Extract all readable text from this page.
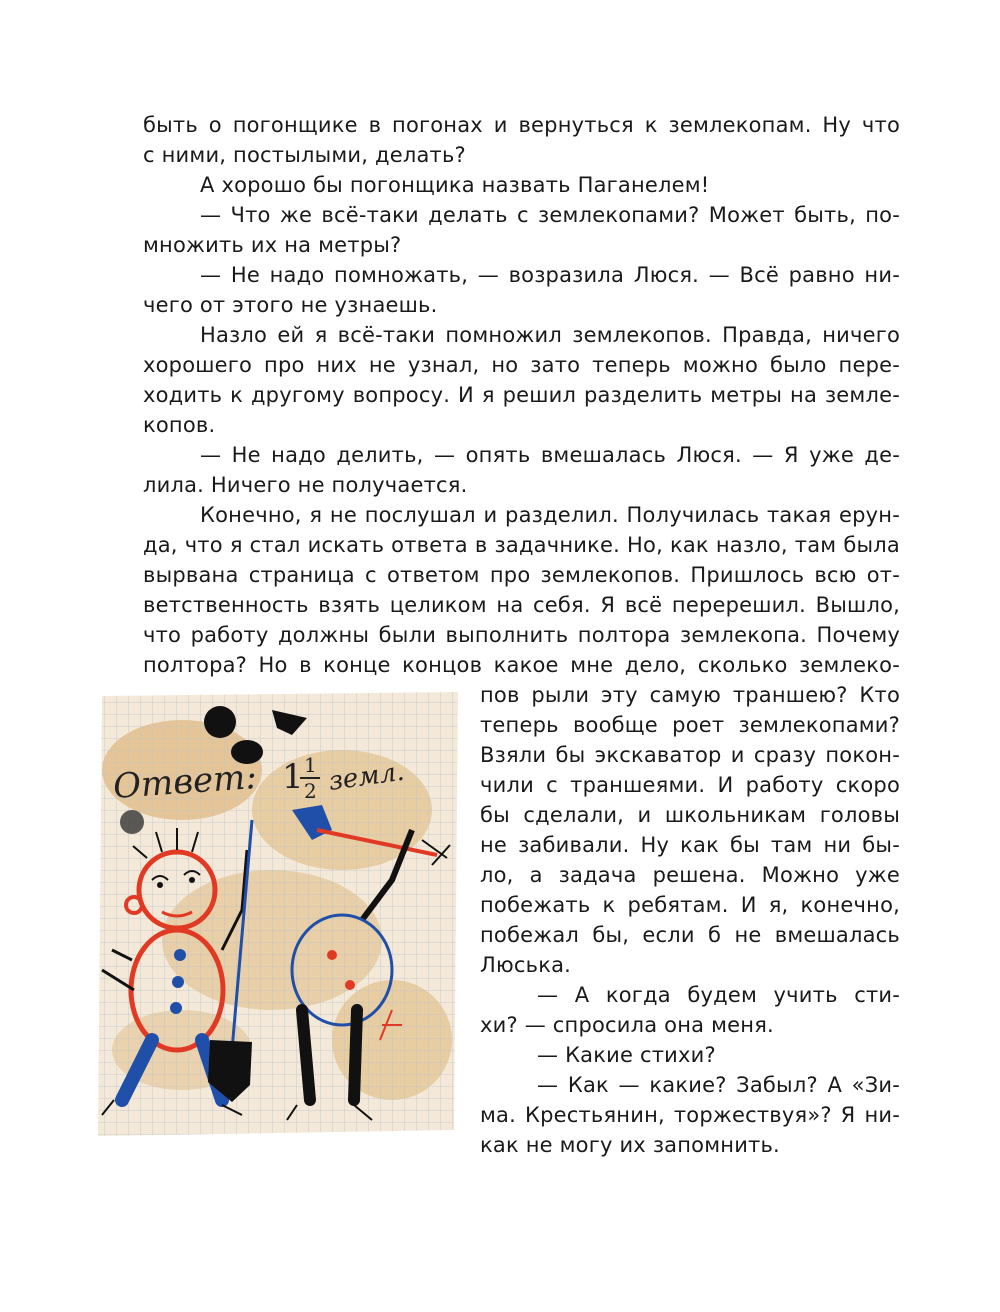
быть о погонщике в погонах и вернуться к землекопам. Ну что
с ними, постылыми, делать?
А хорошо бы погонщика назвать Паганелем!
— Что же всё-таки делать с землекопами? Может быть, по-
множить их на метры?
— Не надо помножать, — возразила Люся. — Всё равно ни-
чего от этого не узнаешь.
Назло ей я всё-таки помножил землекопов. Правда, ничего
хорошего про них не узнал, но зато теперь можно было пере-
ходить к другому вопросу. И я решил разделить метры на земле-
копов.
— Не надо делить, — опять вмешалась Люся. — Я уже де-
лила. Ничего не получается.
Конечно, я не послушал и разделил. Получилась такая ерун-
да, что я стал искать ответа в задачнике. Но, как назло, там была
вырвана страница с ответом про землекопов. Пришлось всю от-
ветственность взять целиком на себя. Я всё перерешил. Вышло,
что работу должны были выполнить полтора землекопа. Почему
полтора? Но в конце концов какое мне дело, сколько землеко-
пов рыли эту самую траншею? Кто
теперь вообще роет землекопами?
Взяли бы экскаватор и сразу покон-
чили с траншеями. И работу скоро
бы сделали, и школьникам головы
не забивали. Ну как бы там ни бы-
ло, а задача решена. Можно уже
побежать к ребятам. И я, конечно,
побежал бы, если б не вмешалась
Люська.
— А когда будем учить сти-
хи? — спросила она меня.
— Какие стихи?
— Как — какие? Забыл? А «Зи-
ма. Крестьянин, торжествуя»? Я ни-
как не могу их запомнить.
Ответ: 1 1
2 земл.
